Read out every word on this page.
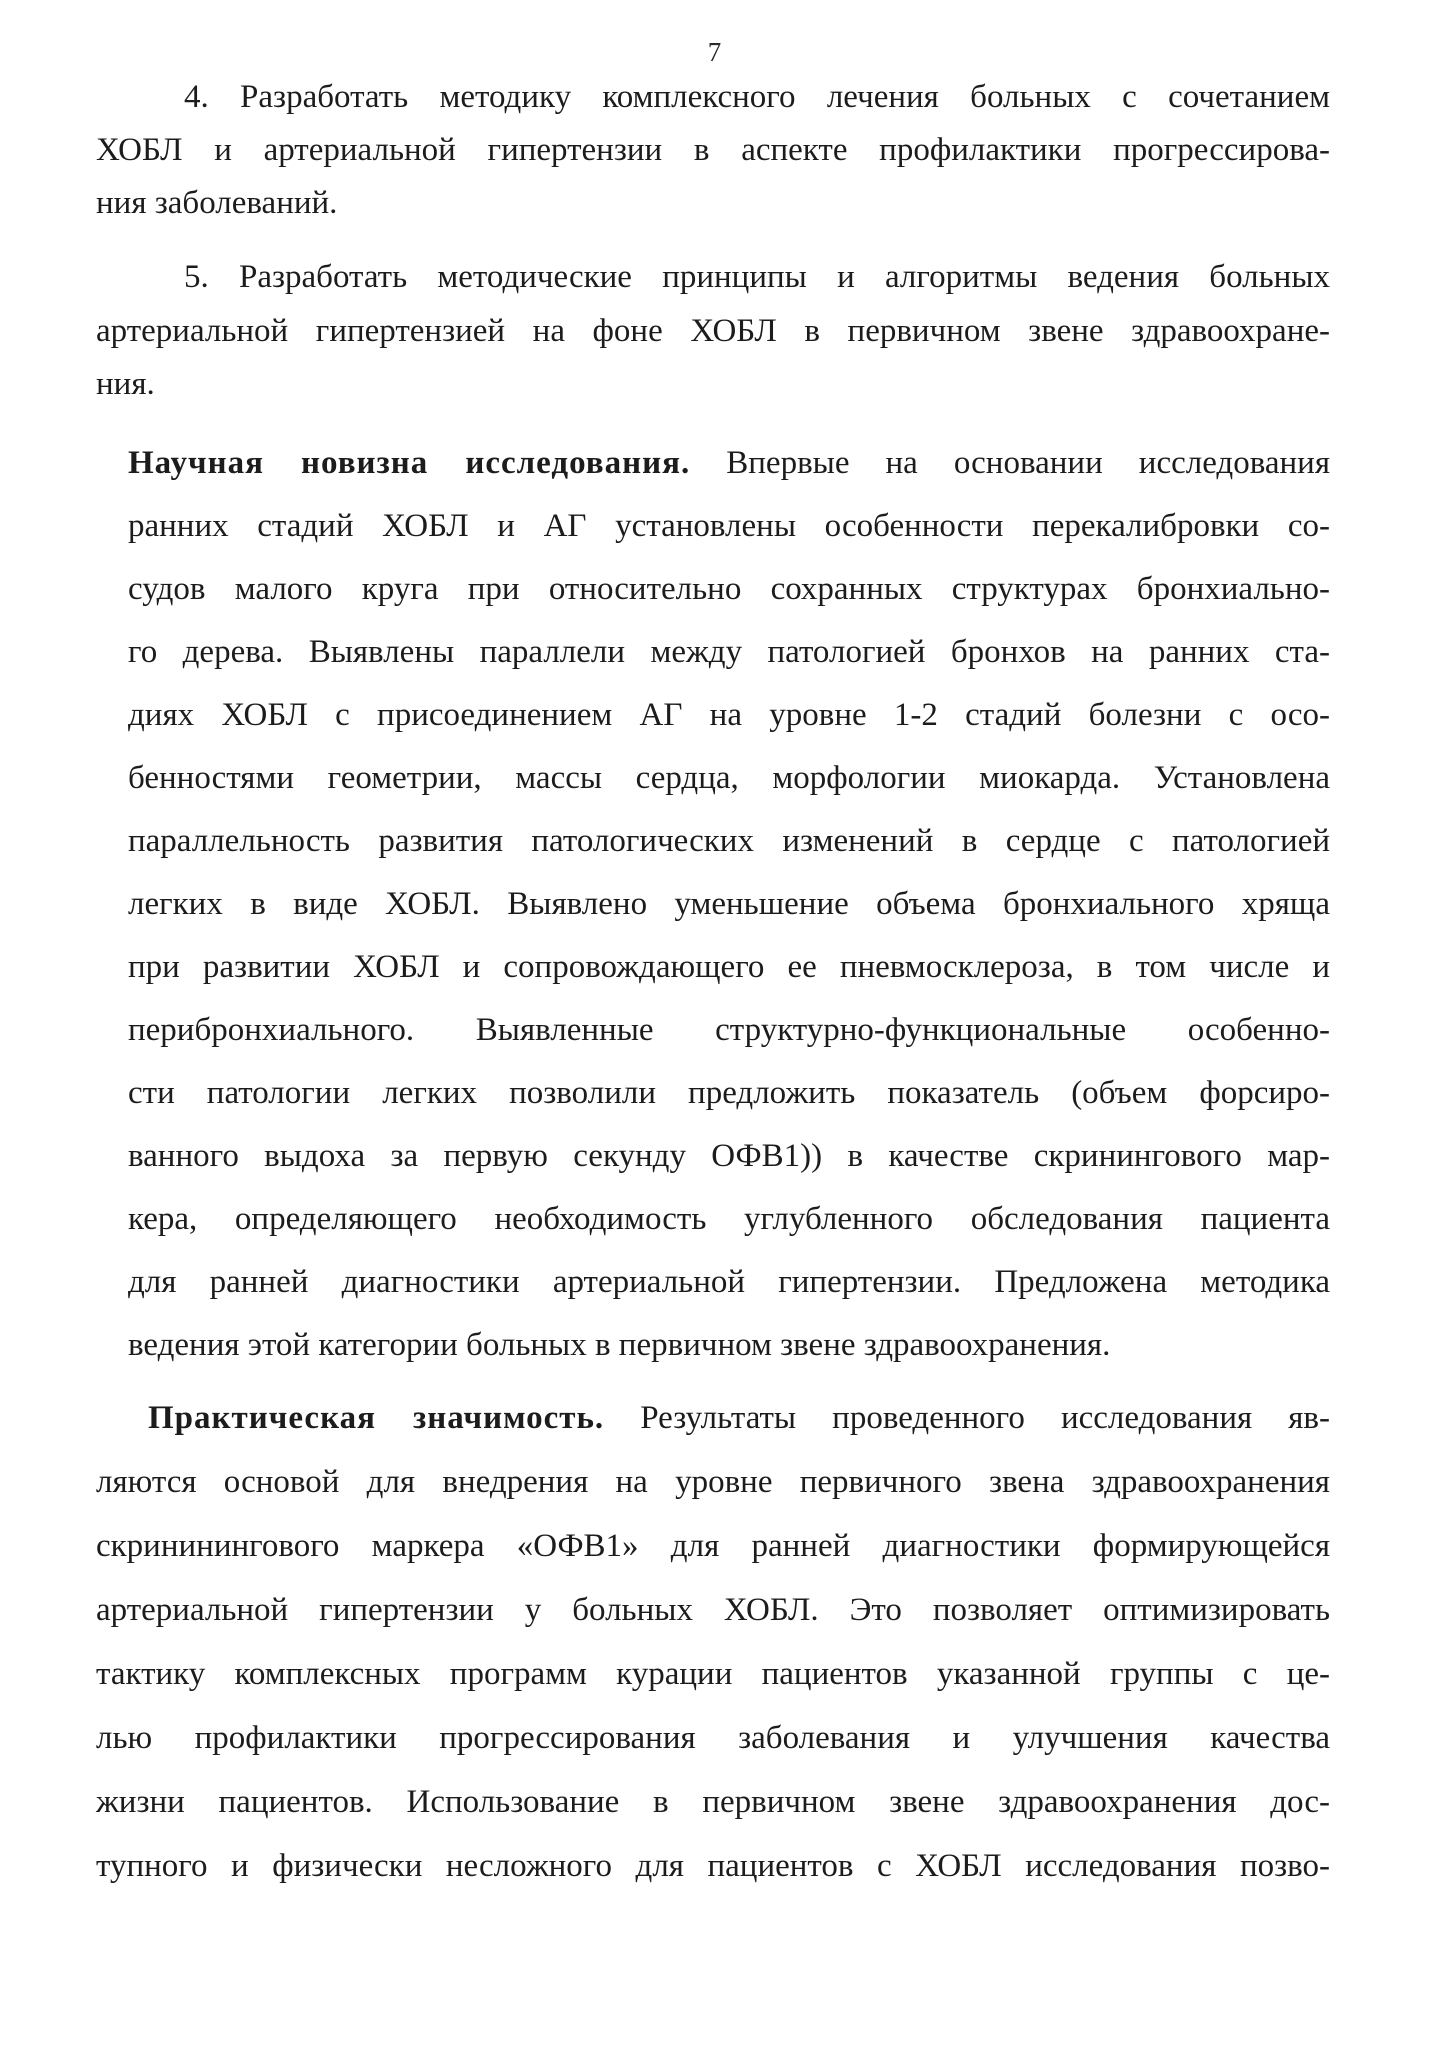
7
4. Разработать методику комплексного лечения больных с сочетанием
ХОБЛ и артериальной гипертензии в аспекте профилактики прогрессирова-
ния заболеваний.
5. Разработать методические принципы и алгоритмы ведения больных
артериальной гипертензией на фоне ХОБЛ в первичном звене здравоохране-
ния.
Научная новизна исследования. Впервые на основании исследования
ранних стадий ХОБЛ и АГ установлены особенности перекалибровки со-
судов малого круга при относительно сохранных структурах бронхиально-
го дерева. Выявлены параллели между патологией бронхов на ранних ста-
диях ХОБЛ с присоединением АГ на уровне 1-2 стадий болезни с осо-
бенностями геометрии, массы сердца, морфологии миокарда. Установлена
параллельность развития патологических изменений в сердце с патологией
легких в виде ХОБЛ. Выявлено уменьшение объема бронхиального хряща
при развитии ХОБЛ и сопровождающего ее пневмосклероза, в том числе и
перибронхиального. Выявленные структурно-функциональные особенно-
сти патологии легких позволили предложить показатель (объем форсиро-
ванного выдоха за первую секунду ОФВ1)) в качестве скринингового мар-
кера, определяющего необходимость углубленного обследования пациента
для ранней диагностики артериальной гипертензии. Предложена методика
ведения этой категории больных в первичном звене здравоохранения.
Практическая значимость. Результаты проведенного исследования яв-
ляются основой для внедрения на уровне первичного звена здравоохранения
скрининингового маркера «ОФВ1» для ранней диагностики формирующейся
артериальной гипертензии у больных ХОБЛ. Это позволяет оптимизировать
тактику комплексных программ курации пациентов указанной группы с це-
лью профилактики прогрессирования заболевания и улучшения качества
жизни пациентов. Использование в первичном звене здравоохранения дос-
тупного и физически несложного для пациентов с ХОБЛ исследования позво-
